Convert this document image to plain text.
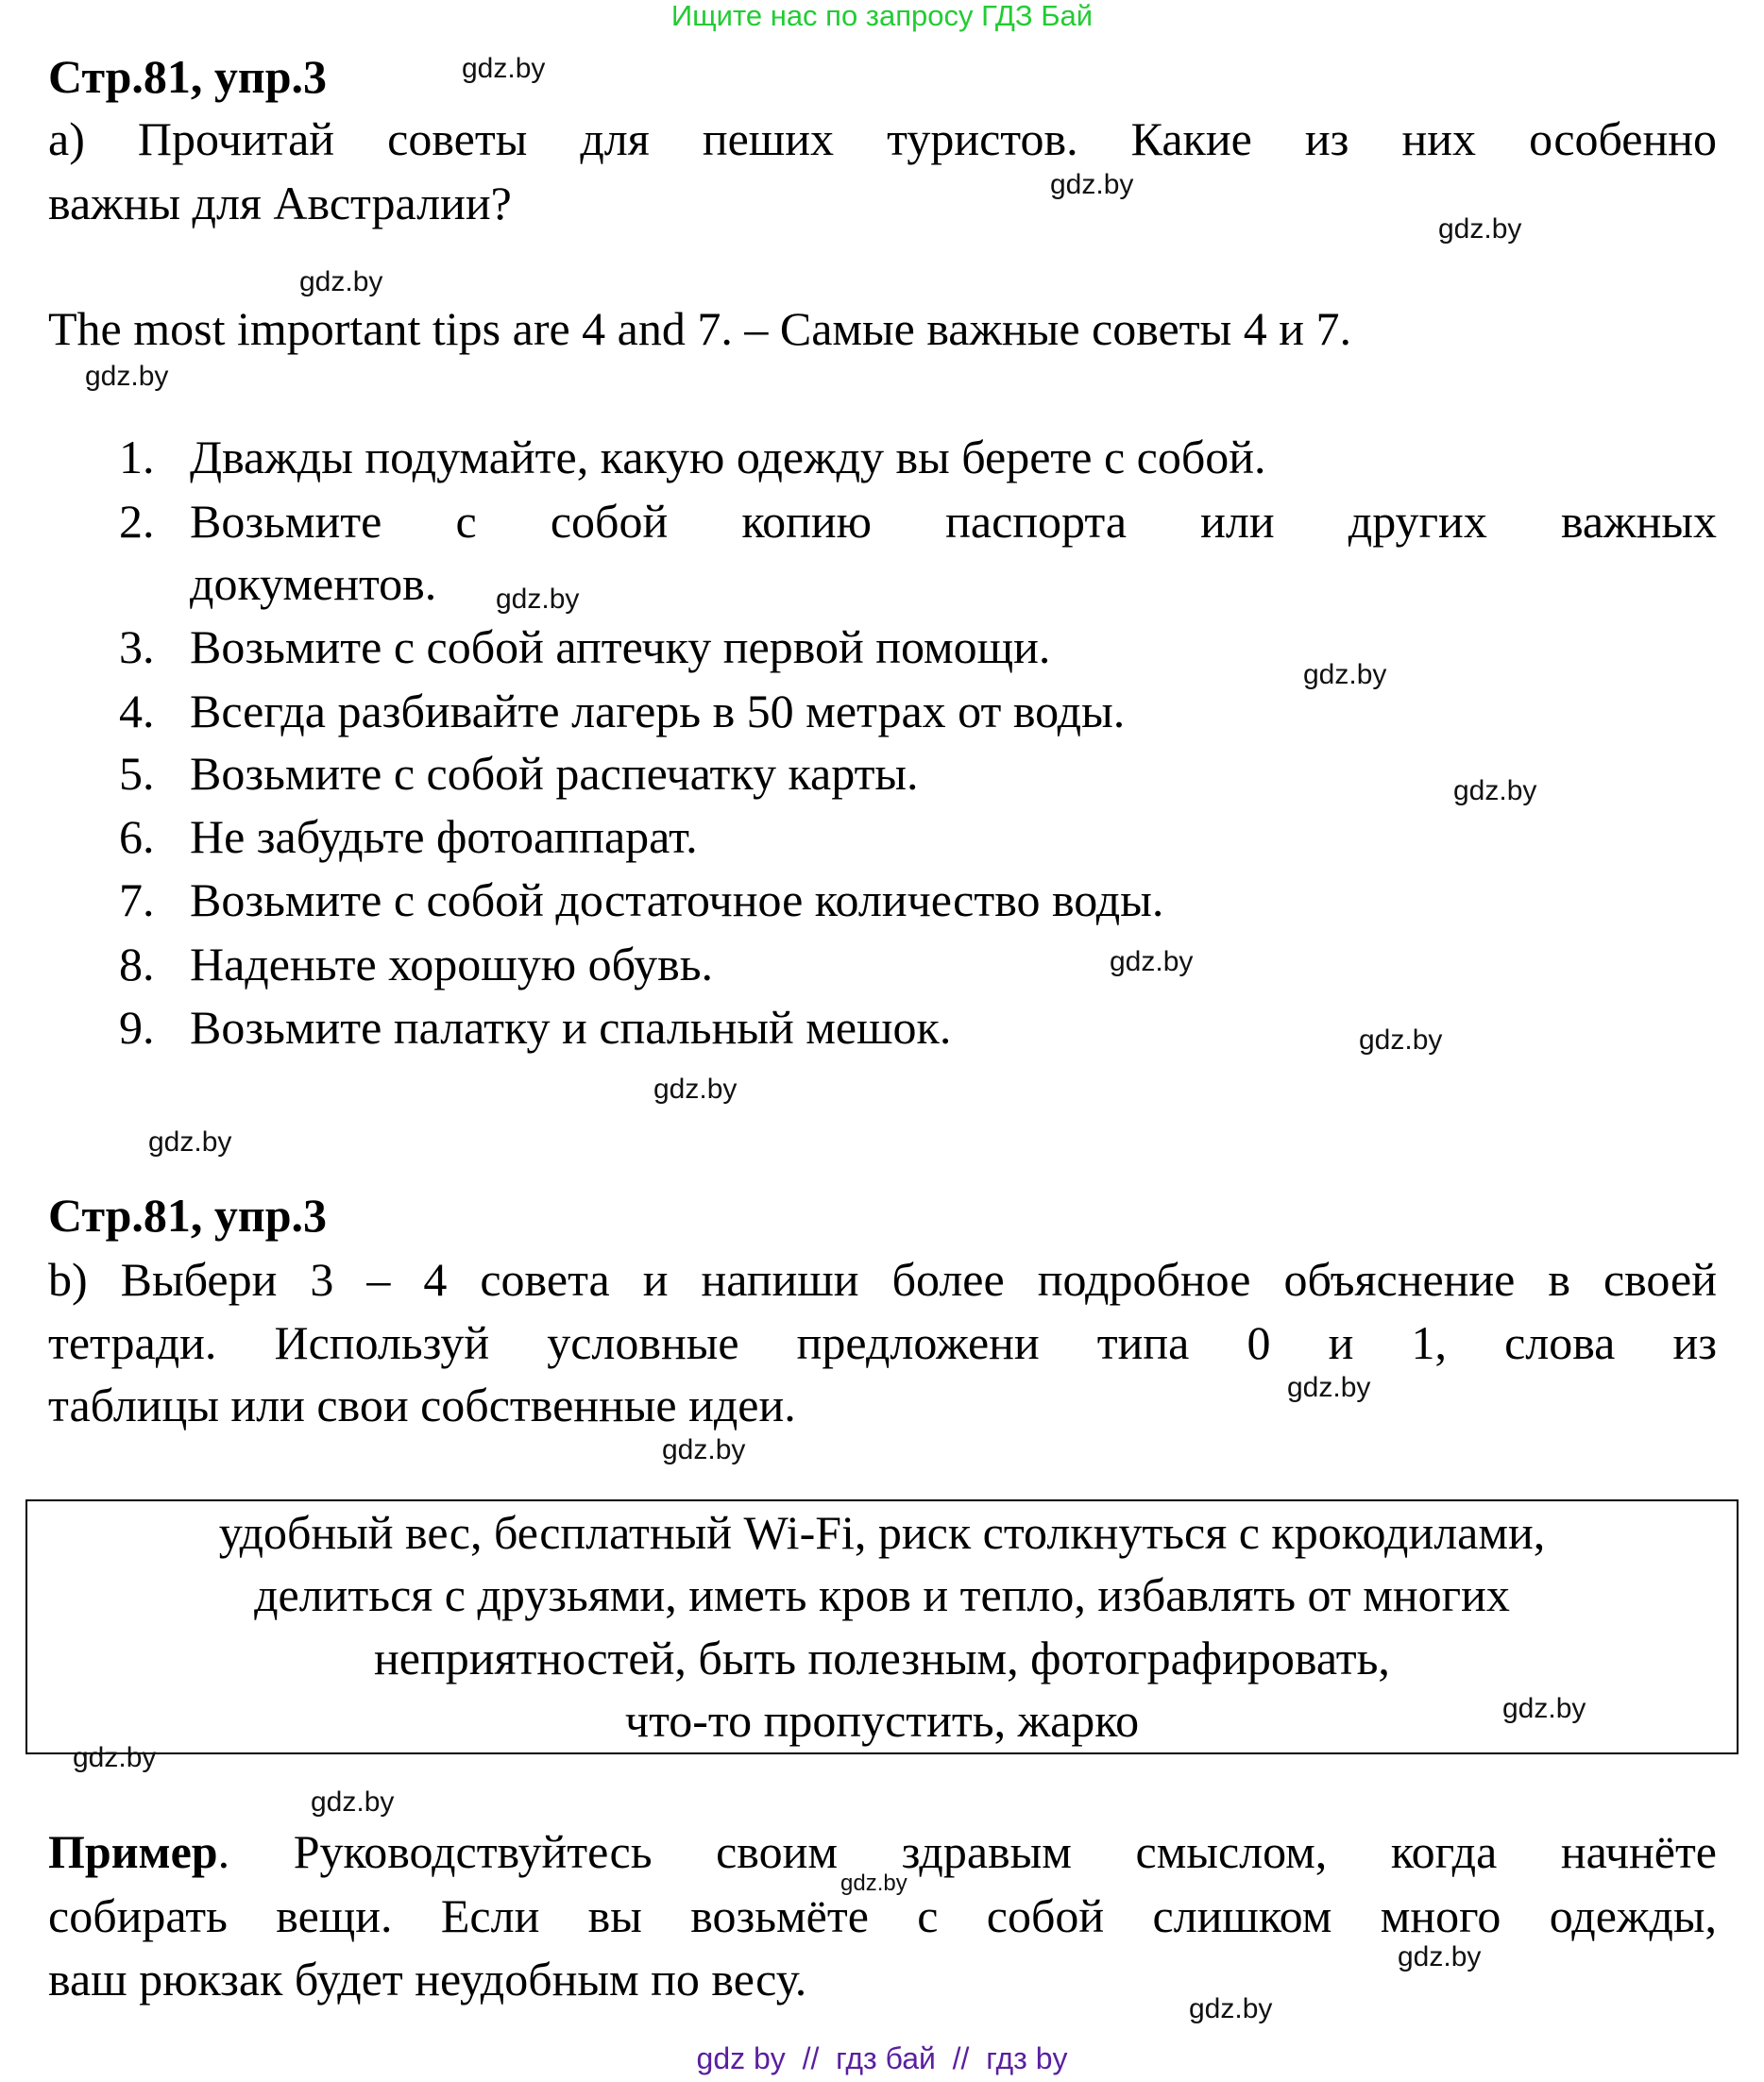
Ищите нас по запросу ГДЗ Бай
Стр.81, упр.3
а) Прочитай советы для пеших туристов. Какие из них особенно
важны для Австралии?
The most important tips are 4 and 7. – Самые важные советы 4 и 7.
1. Дважды подумайте, какую одежду вы берете с собой.
2. Возьмите с собой копию паспорта или других важных
документов.
3. Возьмите с собой аптечку первой помощи.
4. Всегда разбивайте лагерь в 50 метрах от воды.
5. Возьмите с собой распечатку карты.
6. Не забудьте фотоаппарат.
7. Возьмите с собой достаточное количество воды.
8. Наденьте хорошую обувь.
9. Возьмите палатку и спальный мешок.
Стр.81, упр.3
b) Выбери 3 – 4 совета и напиши более подробное объяснение в своей
тетради. Используй условные предложени типа 0 и 1, слова из
таблицы или свои собственные идеи.
удобный вес, бесплатный Wi-Fi, риск столкнуться с крокодилами,
делиться с друзьями, иметь кров и тепло, избавлять от многих
неприятностей, быть полезным, фотографировать,
что-то пропустить, жарко
Пример. Руководствуйтесь своим здравым смыслом, когда начнёте
собирать вещи. Если вы возьмёте с собой слишком много одежды,
ваш рюкзак будет неудобным по весу.
gdz.by
gdz.by
gdz.by
gdz.by
gdz.by
gdz.by
gdz.by
gdz.by
gdz.by
gdz.by
gdz.by
gdz.by
gdz.by
gdz.by
gdz.by
gdz.by
gdz.by
gdz.by
gdz.by
gdz.by
gdz by  //  гдз бай  //  гдз by
